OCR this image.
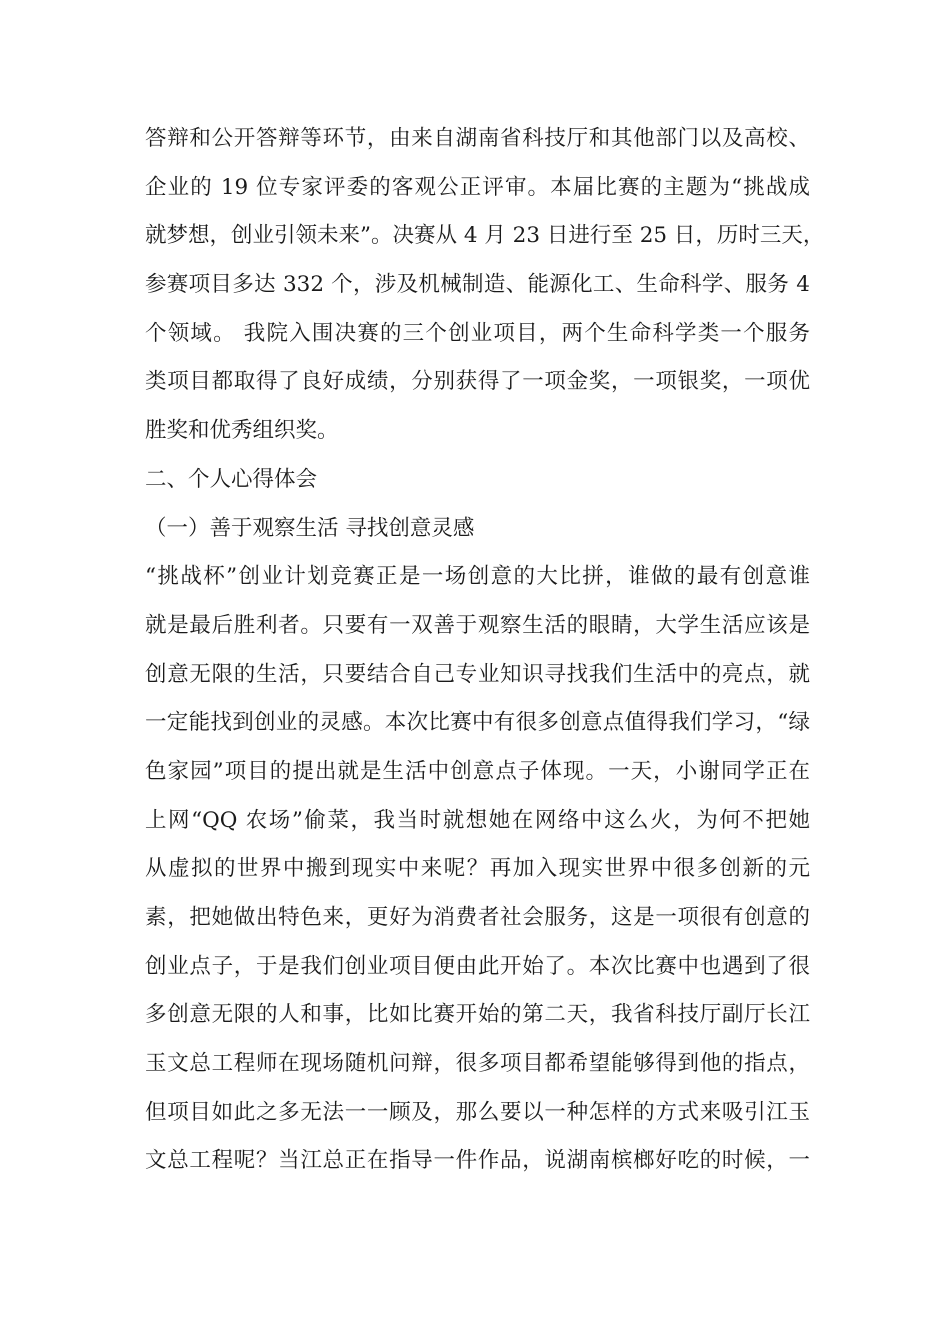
答辩和公开答辩等环节，由来自湖南省科技厅和其他部门以及高校、
企业的 19 位专家评委的客观公正评审。本届比赛的主题为“挑战成
就梦想，创业引领未来”。决赛从 4 月 23 日进行至 25 日，历时三天，
参赛项目多达 332 个，涉及机械制造、能源化工、生命科学、服务 4
个领域。 我院入围决赛的三个创业项目，两个生命科学类一个服务
类项目都取得了良好成绩，分别获得了一项金奖，一项银奖，一项优
胜奖和优秀组织奖。
二、个人心得体会
（一）善于观察生活 寻找创意灵感
“挑战杯”创业计划竞赛正是一场创意的大比拼，谁做的最有创意谁
就是最后胜利者。只要有一双善于观察生活的眼睛，大学生活应该是
创意无限的生活，只要结合自己专业知识寻找我们生活中的亮点，就
一定能找到创业的灵感。本次比赛中有很多创意点值得我们学习，“绿
色家园”项目的提出就是生活中创意点子体现。一天，小谢同学正在
上网“QQ 农场”偷菜，我当时就想她在网络中这么火，为何不把她
从虚拟的世界中搬到现实中来呢？再加入现实世界中很多创新的元
素，把她做出特色来，更好为消费者社会服务，这是一项很有创意的
创业点子，于是我们创业项目便由此开始了。本次比赛中也遇到了很
多创意无限的人和事，比如比赛开始的第二天，我省科技厅副厅长江
玉文总工程师在现场随机问辩，很多项目都希望能够得到他的指点，
但项目如此之多无法一一顾及，那么要以一种怎样的方式来吸引江玉
文总工程呢？当江总正在指导一件作品，说湖南槟榔好吃的时候，一
